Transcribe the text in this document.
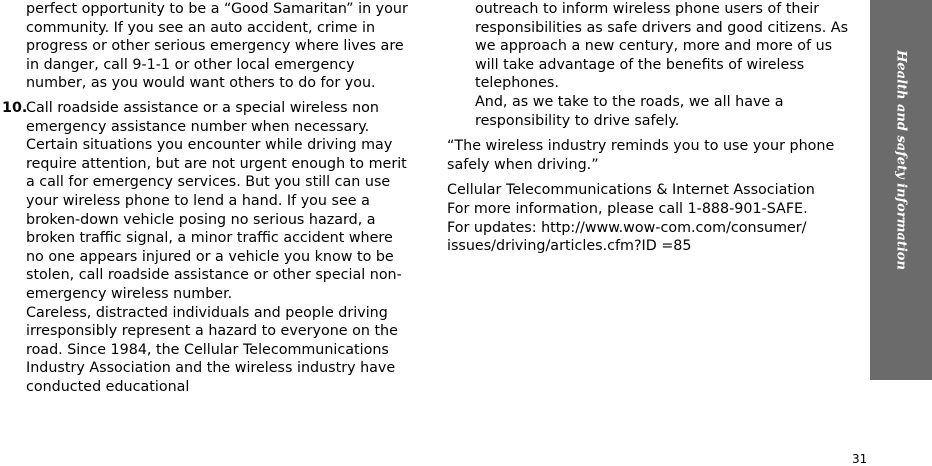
perfect opportunity to be a “Good Samaritan” in your community. If you see an auto accident, crime in progress or other serious emergency where lives are in danger, call 9-1-1 or other local emergency number, as you would want others to do for you.

10.

Call roadside assistance or a special wireless non emergency assistance number when necessary. Certain situations you encounter while driving may require attention, but are not urgent enough to merit a call for emergency services. But you still can use your wireless phone to lend a hand. If you see a broken-down vehicle posing no serious hazard, a broken traffic signal, a minor traffic accident where no one appears injured or a vehicle you know to be stolen, call roadside assistance or other special non-emergency wireless number.

Careless, distracted individuals and people driving irresponsibly represent a hazard to everyone on the road. Since 1984, the Cellular Telecommunications Industry Association and the wireless industry have conducted educational

outreach to inform wireless phone users of their responsibilities as safe drivers and good citizens. As we approach a new century, more and more of us will take advantage of the benefits of wireless telephones.

And, as we take to the roads, we all have a responsibility to drive safely.

“The wireless industry reminds you to use your phone safely when driving.”

Cellular Telecommunications & Internet Association
For more information, please call 1-888-901-SAFE.
For updates: http://www.wow-com.com/consumer/
issues/driving/articles.cfm?ID =85	Health and safety information
31
